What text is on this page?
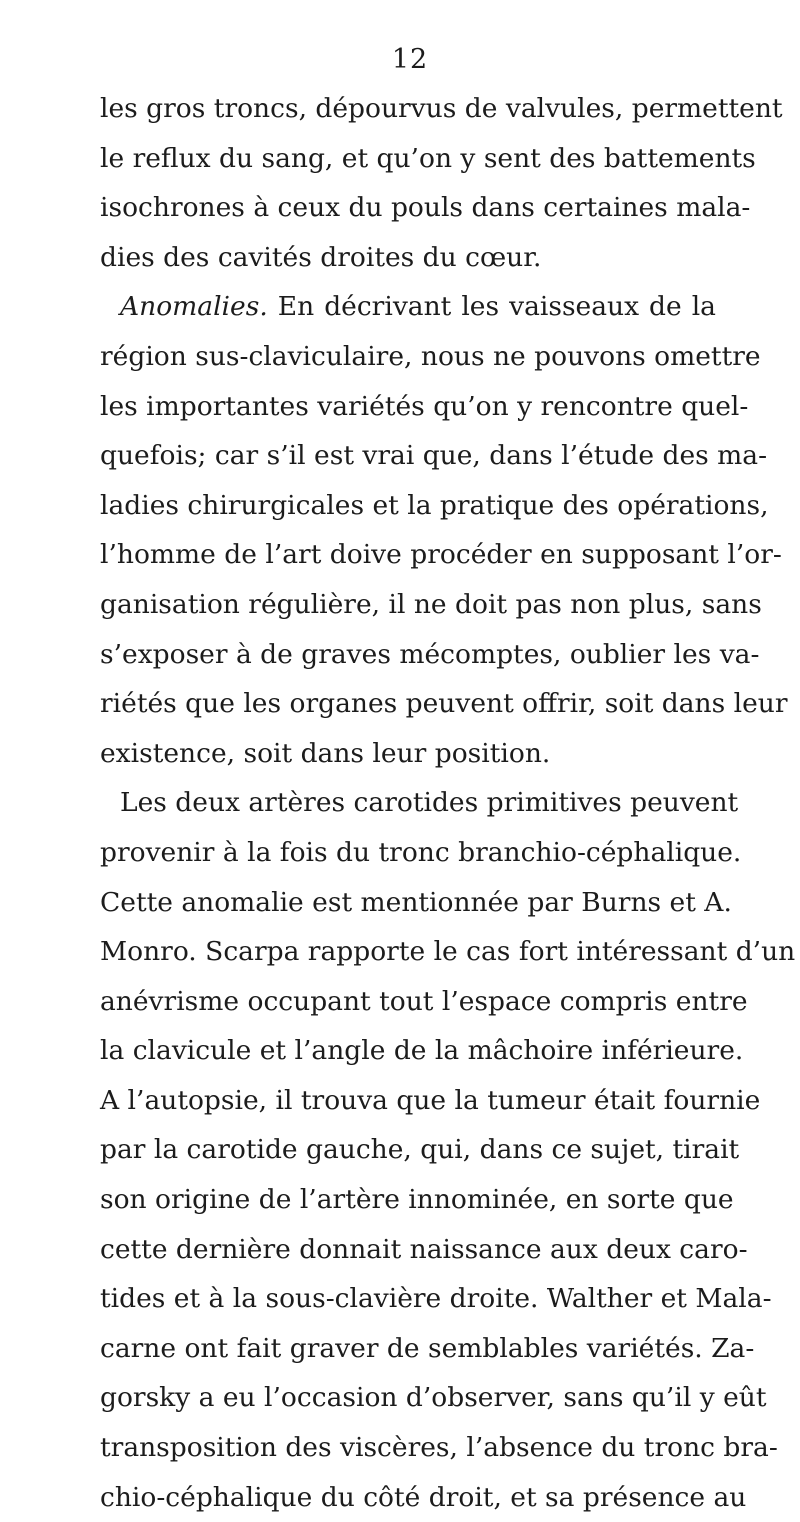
12
les gros troncs, dépourvus de valvules, permettent
le reflux du sang, et qu’on y sent des battements
isochrones à ceux du pouls dans certaines mala-
dies des cavités droites du cœur.
Anomalies. En décrivant les vaisseaux de la
région sus-claviculaire, nous ne pouvons omettre
les importantes variétés qu’on y rencontre quel-
quefois; car s’il est vrai que, dans l’étude des ma-
ladies chirurgicales et la pratique des opérations,
l’homme de l’art doive procéder en supposant l’or-
ganisation régulière, il ne doit pas non plus, sans
s’exposer à de graves mécomptes, oublier les va-
riétés que les organes peuvent offrir, soit dans leur
existence, soit dans leur position.
Les deux artères carotides primitives peuvent
provenir à la fois du tronc branchio-céphalique.
Cette anomalie est mentionnée par Burns et A.
Monro. Scarpa rapporte le cas fort intéressant d’un
anévrisme occupant tout l’espace compris entre
la clavicule et l’angle de la mâchoire inférieure.
A l’autopsie, il trouva que la tumeur était fournie
par la carotide gauche, qui, dans ce sujet, tirait
son origine de l’artère innominée, en sorte que
cette dernière donnait naissance aux deux caro-
tides et à la sous-clavière droite. Walther et Mala-
carne ont fait graver de semblables variétés. Za-
gorsky a eu l’occasion d’observer, sans qu’il y eût
transposition des viscères, l’absence du tronc bra-
chio-céphalique du côté droit, et sa présence au
